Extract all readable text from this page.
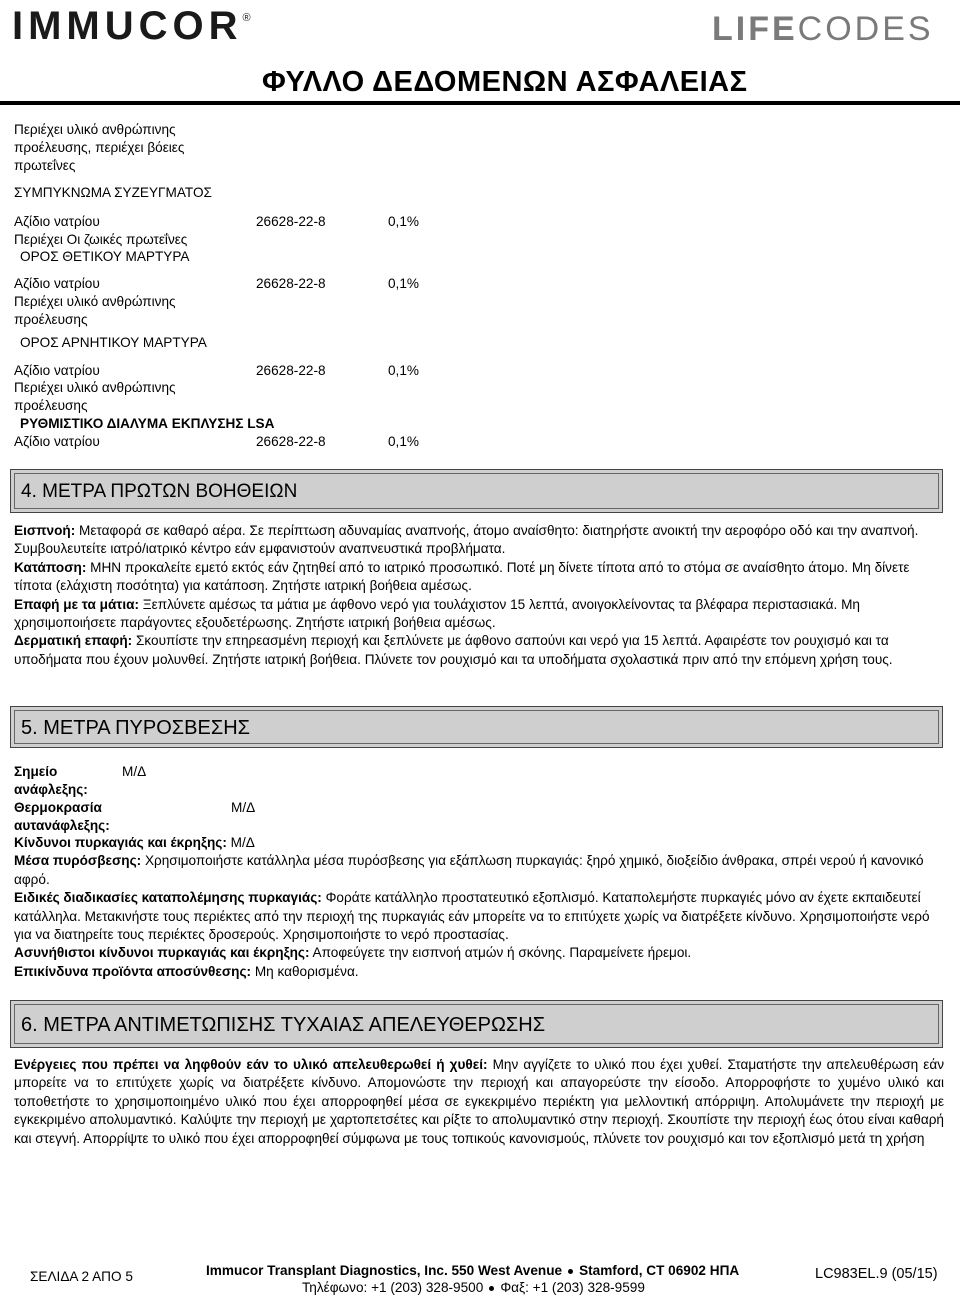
IMMUCOR®	LIFECODES
ΦΥΛΛΟ ΔΕΔΟΜΕΝΩΝ ΑΣΦΑΛΕΙΑΣ
Περιέχει υλικό ανθρώπινης
προέλευσης, περιέχει βόειες
πρωτεΐνες
ΣΥΜΠΥΚΝΩΜΑ ΣΥΖΕΥΓΜΑΤΟΣ
Αζίδιο νατρίου	26628-22-8	0,1%
Περιέχει Οι ζωικές πρωτεΐνες
ΟΡΟΣ ΘΕΤΙΚΟΥ ΜΑΡΤΥΡΑ
Αζίδιο νατρίου	26628-22-8	0,1%
Περιέχει υλικό ανθρώπινης
προέλευσης
ΟΡΟΣ ΑΡΝΗΤΙΚΟΥ ΜΑΡΤΥΡΑ
Αζίδιο νατρίου	26628-22-8	0,1%
Περιέχει υλικό ανθρώπινης
προέλευσης
ΡΥΘΜΙΣΤΙΚΟ ΔΙΑΛΥΜΑ ΕΚΠΛΥΣΗΣ LSA
Αζίδιο νατρίου	26628-22-8	0,1%
4. ΜΕΤΡΑ ΠΡΩΤΩΝ ΒΟΗΘΕΙΩΝ
Εισπνοή: Μεταφορά σε καθαρό αέρα. Σε περίπτωση αδυναμίας αναπνοής, άτομο αναίσθητο: διατηρήστε ανοικτή την αεροφόρο οδό και την αναπνοή. Συμβουλευτείτε ιατρό/ιατρικό κέντρο εάν εμφανιστούν αναπνευστικά προβλήματα.
Κατάποση: ΜΗΝ προκαλείτε εμετό εκτός εάν ζητηθεί από το ιατρικό προσωπικό. Ποτέ μη δίνετε τίποτα από το στόμα σε αναίσθητο άτομο. Μη δίνετε τίποτα (ελάχιστη ποσότητα) για κατάποση. Ζητήστε ιατρική βοήθεια αμέσως.
Επαφή με τα μάτια: Ξεπλύνετε αμέσως τα μάτια με άφθονο νερό για τουλάχιστον 15 λεπτά, ανοιγοκλείνοντας τα βλέφαρα περιστασιακά. Μη χρησιμοποιήσετε παράγοντες εξουδετέρωσης. Ζητήστε ιατρική βοήθεια αμέσως.
Δερματική επαφή: Σκουπίστε την επηρεασμένη περιοχή και ξεπλύνετε με άφθονο σαπούνι και νερό για 15 λεπτά. Αφαιρέστε τον ρουχισμό και τα υποδήματα που έχουν μολυνθεί. Ζητήστε ιατρική βοήθεια. Πλύνετε τον ρουχισμό και τα υποδήματα σχολαστικά πριν από την επόμενη χρήση τους.
5. ΜΕΤΡΑ ΠΥΡΟΣΒΕΣΗΣ
Σημείο
ανάφλεξης:
Μ/Δ
Θερμοκρασία
αυτανάφλεξης:
Μ/Δ
Κίνδυνοι πυρκαγιάς και έκρηξης: Μ/Δ
Μέσα πυρόσβεσης: Χρησιμοποιήστε κατάλληλα μέσα πυρόσβεσης για εξάπλωση πυρκαγιάς: ξηρό χημικό, διοξείδιο άνθρακα, σπρέι νερού ή κανονικό αφρό.
Ειδικές διαδικασίες καταπολέμησης πυρκαγιάς: Φοράτε κατάλληλο προστατευτικό εξοπλισμό. Καταπολεμήστε πυρκαγιές μόνο αν έχετε εκπαιδευτεί κατάλληλα. Μετακινήστε τους περιέκτες από την περιοχή της πυρκαγιάς εάν μπορείτε να το επιτύχετε χωρίς να διατρέξετε κίνδυνο. Χρησιμοποιήστε νερό για να διατηρείτε τους περιέκτες δροσερούς. Χρησιμοποιήστε το νερό προστασίας.
Ασυνήθιστοι κίνδυνοι πυρκαγιάς και έκρηξης: Αποφεύγετε την εισπνοή ατμών ή σκόνης. Παραμείνετε ήρεμοι.
Επικίνδυνα προϊόντα αποσύνθεσης: Μη καθορισμένα.
6. ΜΕΤΡΑ ΑΝΤΙΜΕΤΩΠΙΣΗΣ ΤΥΧΑΙΑΣ ΑΠΕΛΕΥΘΕΡΩΣΗΣ
Ενέργειες που πρέπει να ληφθούν εάν το υλικό απελευθερωθεί ή χυθεί: Μην αγγίζετε το υλικό που έχει χυθεί. Σταματήστε την απελευθέρωση εάν μπορείτε να το επιτύχετε χωρίς να διατρέξετε κίνδυνο. Απομονώστε την περιοχή και απαγορεύστε την είσοδο. Απορροφήστε το χυμένο υλικό και τοποθετήστε το χρησιμοποιημένο υλικό που έχει απορροφηθεί μέσα σε εγκεκριμένο περιέκτη για μελλοντική απόρριψη. Απολυμάνετε την περιοχή με εγκεκριμένο απολυμαντικό. Καλύψτε την περιοχή με χαρτοπετσέτες και ρίξτε το απολυμαντικό στην περιοχή. Σκουπίστε την περιοχή έως ότου είναι καθαρή και στεγνή. Απορρίψτε το υλικό που έχει απορροφηθεί σύμφωνα με τους τοπικούς κανονισμούς, πλύνετε τον ρουχισμό και τον εξοπλισμό μετά τη χρήση
ΣΕΛΙΔΑ 2 ΑΠΟ 5	Immucor Transplant Diagnostics, Inc. 550 West Avenue Stamford, CT 06902 ΗΠΑ
Τηλέφωνο: +1 (203) 328-9500 Φαξ: +1 (203) 328-9599
LC983EL.9 (05/15)
